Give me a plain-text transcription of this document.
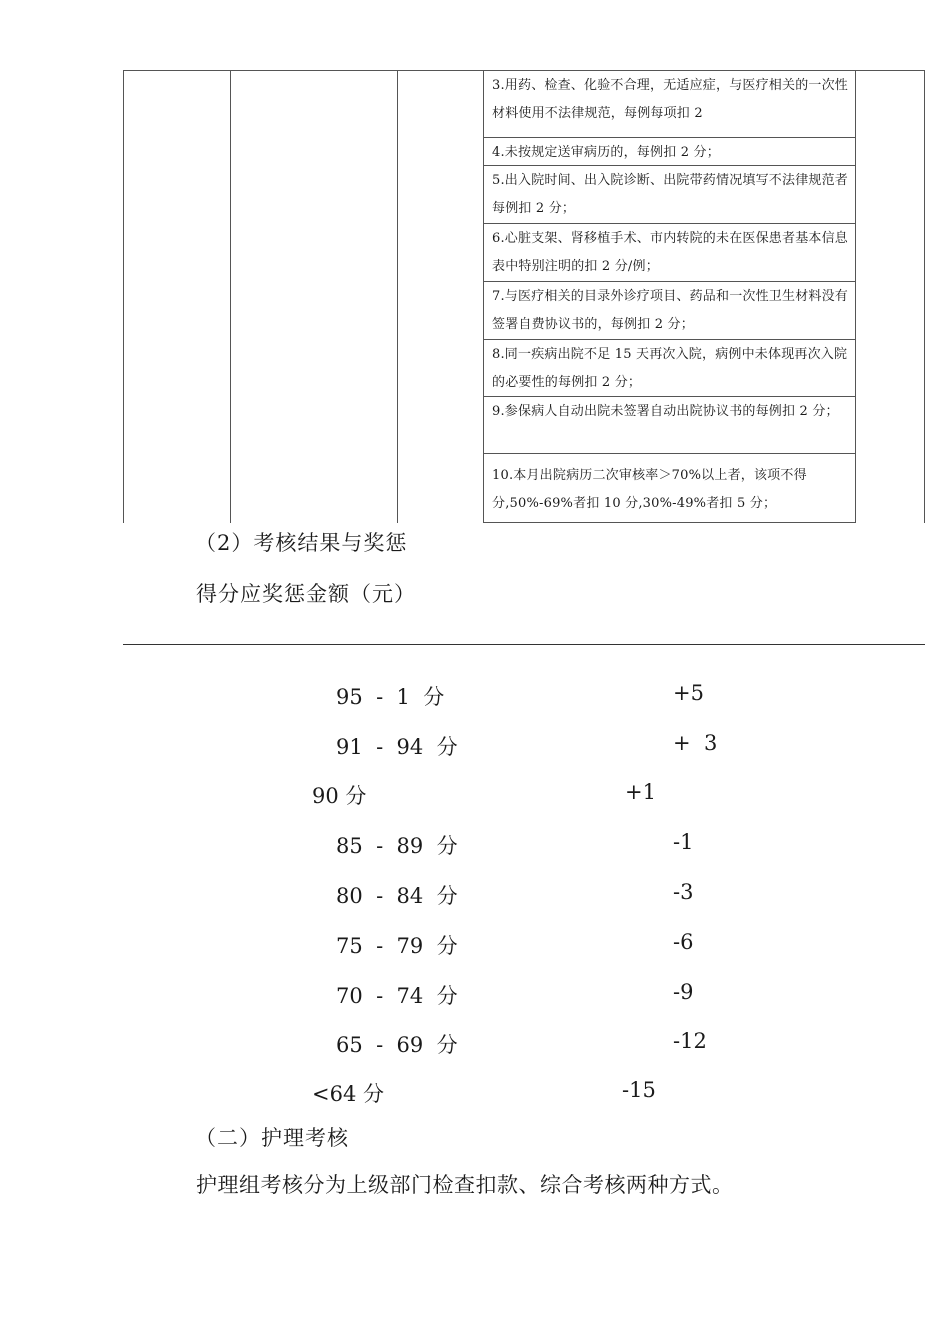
3.用药、检查、化验不合理，无适应症，与医疗相关的一次性材料使用不法律规范，每例每项扣 2
4.未按规定送审病历的，每例扣 2 分；
5.出入院时间、出入院诊断、出院带药情况填写不法律规范者每例扣 2 分；
6.心脏支架、肾移植手术、市内转院的未在医保患者基本信息表中特别注明的扣 2 分/例；
7.与医疗相关的目录外诊疗项目、药品和一次性卫生材料没有签署自费协议书的，每例扣 2 分；
8.同一疾病出院不足 15 天再次入院，病例中未体现再次入院的必要性的每例扣 2 分；
9.参保病人自动出院未签署自动出院协议书的每例扣 2 分；
10.本月出院病历二次审核率＞70%以上者，该项不得分,50%-69%者扣 10 分,30%-49%者扣 5 分；
（2）考核结果与奖惩
得分应奖惩金额（元）
95  -  1  分	+5
91  -  94  分	+  3
90 分	+1
85  -  89  分	-1
80  -  84  分	-3
75  -  79  分	-6
70  -  74  分	-9
65  -  69  分	-12
<64 分	-15
（二）护理考核
护理组考核分为上级部门检查扣款、综合考核两种方式。
